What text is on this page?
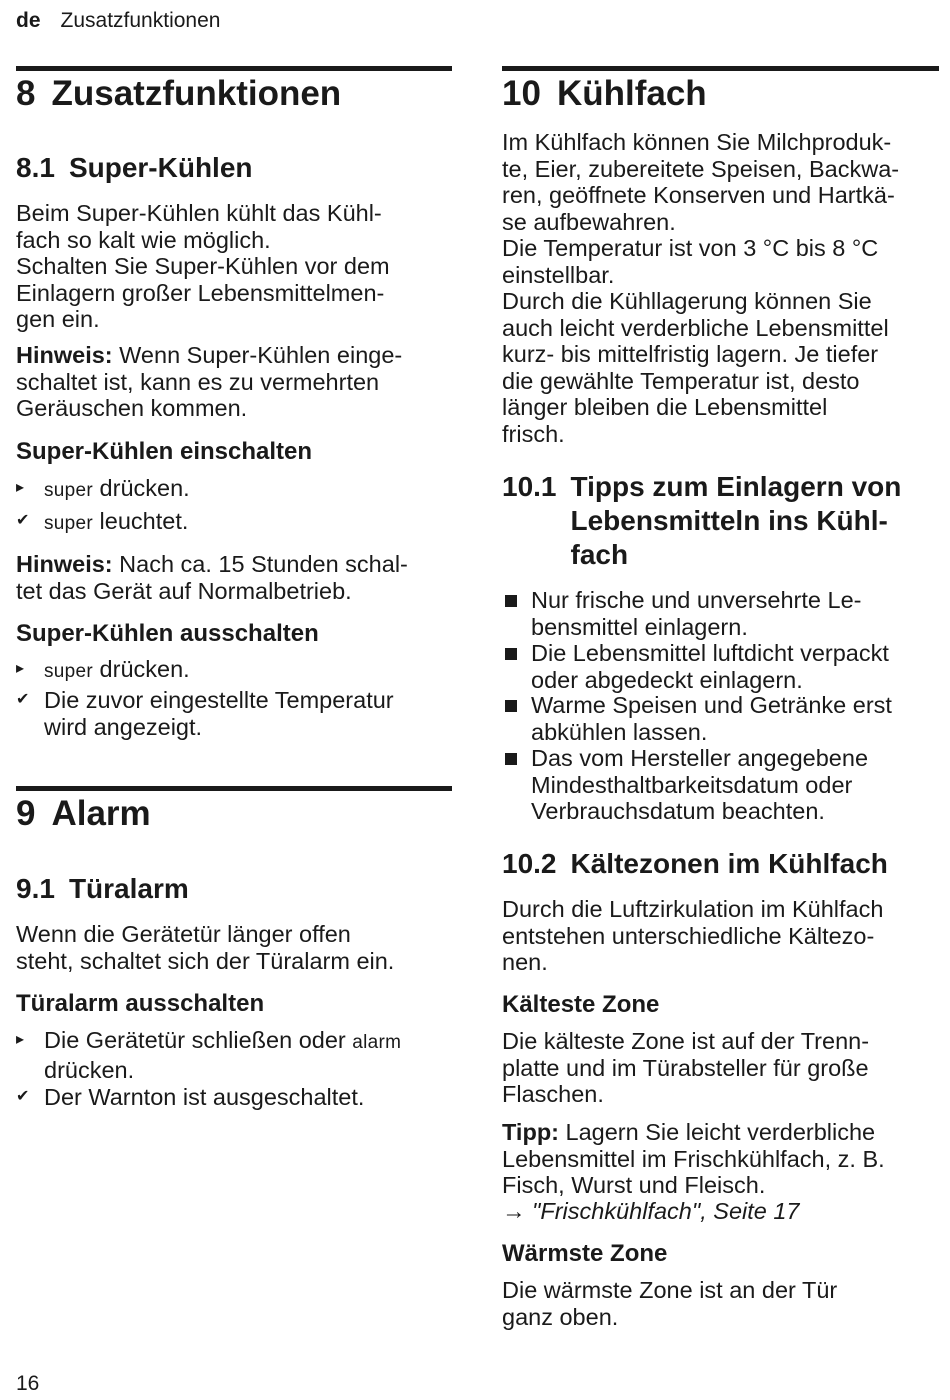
de Zusatzfunktionen
8 Zusatzfunktionen
8.1 Super-Kühlen
Beim Super-Kühlen kühlt das Kühl-
fach so kalt wie möglich.
Schalten Sie Super-Kühlen vor dem
Einlagern großer Lebensmittelmen-
gen ein.
Hinweis: Wenn Super-Kühlen einge-
schaltet ist, kann es zu vermehrten
Geräuschen kommen.
Super-Kühlen einschalten
▸	super drücken.
✔ super leuchtet.
Hinweis: Nach ca. 15 Stunden schal-
tet das Gerät auf Normalbetrieb.
Super-Kühlen ausschalten
▸	super drücken.
✔ Die zuvor eingestellte Temperatur
wird angezeigt.
9 Alarm
9.1 Türalarm
Wenn die Gerätetür länger offen
steht, schaltet sich der Türalarm ein.
Türalarm ausschalten
▸ Die Gerätetür schließen oder alarm
drücken.
✔ Der Warnton ist ausgeschaltet.
10 Kühlfach
Im Kühlfach können Sie Milchproduk-
te, Eier, zubereitete Speisen, Backwa-
ren, geöffnete Konserven und Hartkä-
se aufbewahren.
Die Temperatur ist von 3 °C bis 8 °C
einstellbar.
Durch die Kühllagerung können Sie
auch leicht verderbliche Lebensmittel
kurz- bis mittelfristig lagern. Je tiefer
die gewählte Temperatur ist, desto
länger bleiben die Lebensmittel
frisch.
10.1 Tipps zum Einlagern von Lebensmitteln ins Kühl-
fach
Nur frische und unversehrte Le-
bensmittel einlagern.
Die Lebensmittel luftdicht verpackt
oder abgedeckt einlagern.
Warme Speisen und Getränke erst
abkühlen lassen.
Das vom Hersteller angegebene
Mindesthaltbarkeitsdatum oder
Verbrauchsdatum beachten.
10.2 Kältezonen im Kühlfach
Durch die Luftzirkulation im Kühlfach
entstehen unterschiedliche Kältezo-
nen.
Kälteste Zone
Die kälteste Zone ist auf der Trenn-
platte und im Türabsteller für große
Flaschen.
Tipp: Lagern Sie leicht verderbliche
Lebensmittel im Frischkühlfach, z. B.
Fisch, Wurst und Fleisch.
→ "Frischkühlfach", Seite 17
Wärmste Zone
Die wärmste Zone ist an der Tür
ganz oben.
16
